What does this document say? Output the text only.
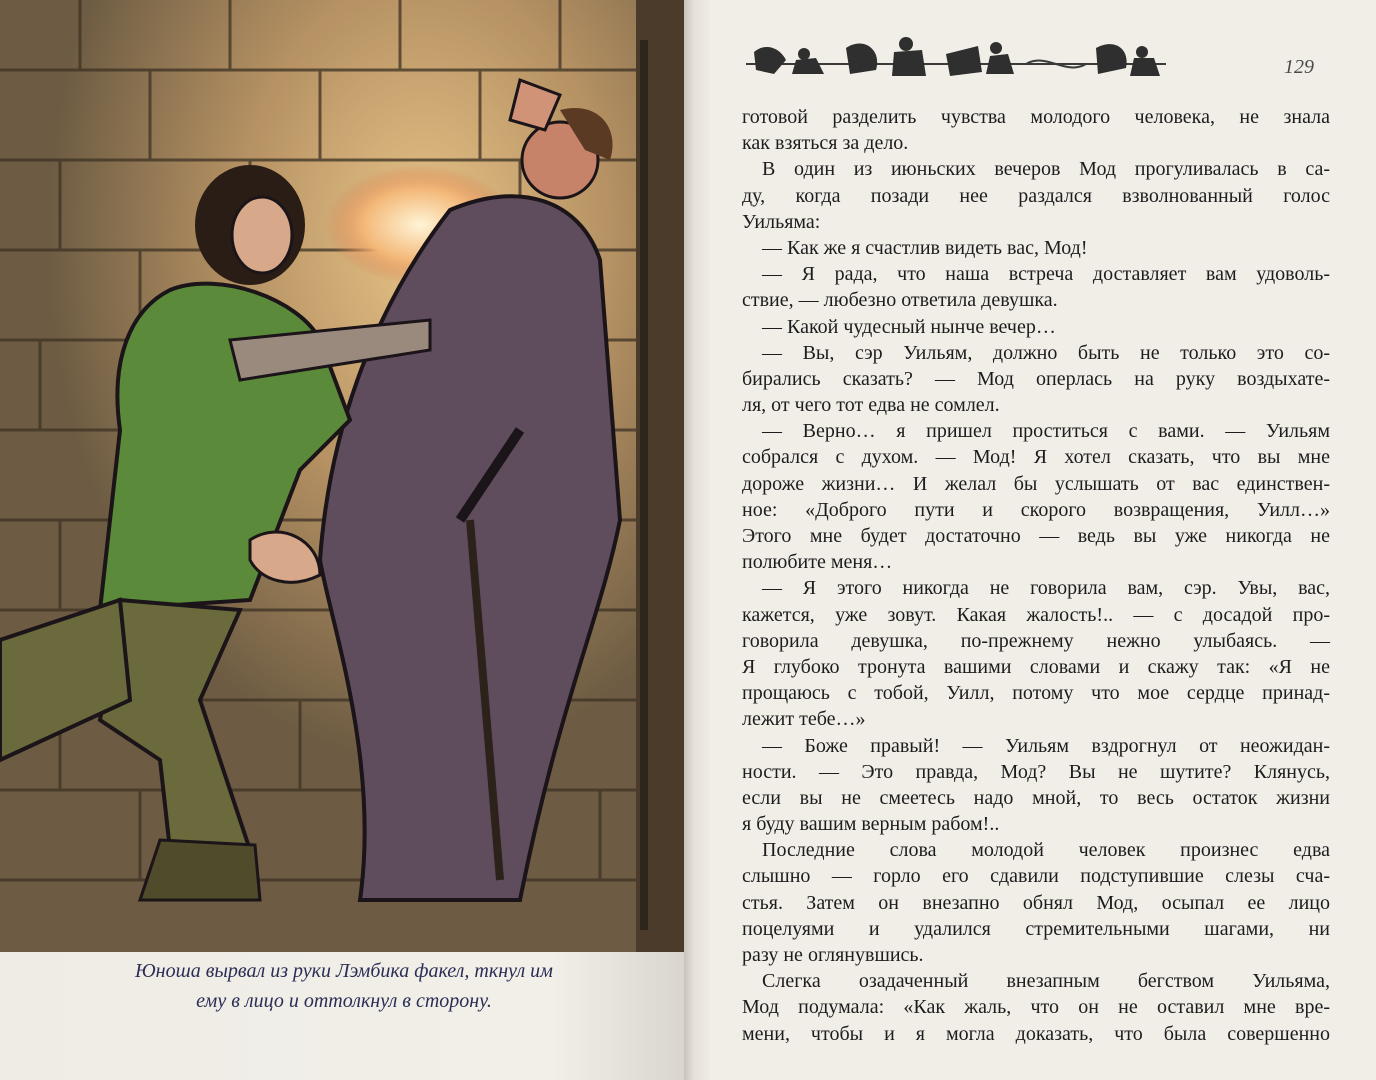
Юноша вырвал из руки Лэмбика факел, ткнул им
ему в лицо и оттолкнул в сторону.
129
готовой разделить чувства молодого человека, не знала
как взяться за дело.
В один из июньских вечеров Мод прогуливалась в са-
ду, когда позади нее раздался взволнованный голос
Уильяма:
— Как же я счастлив видеть вас, Мод!
— Я рада, что наша встреча доставляет вам удоволь-
ствие, — любезно ответила девушка.
— Какой чудесный нынче вечер…
— Вы, сэр Уильям, должно быть не только это со-
бирались сказать? — Мод оперлась на руку воздыхате-
ля, от чего тот едва не сомлел.
— Верно… я пришел проститься с вами. — Уильям
собрался с духом. — Мод! Я хотел сказать, что вы мне
дороже жизни… И желал бы услышать от вас единствен-
ное: «Доброго пути и скорого возвращения, Уилл…»
Этого мне будет достаточно — ведь вы уже никогда не
полюбите меня…
— Я этого никогда не говорила вам, сэр. Увы, вас,
кажется, уже зовут. Какая жалость!.. — с досадой про-
говорила девушка, по-прежнему нежно улыбаясь. —
Я глубоко тронута вашими словами и скажу так: «Я не
прощаюсь с тобой, Уилл, потому что мое сердце принад-
лежит тебе…»
— Боже правый! — Уильям вздрогнул от неожидан-
ности. — Это правда, Мод? Вы не шутите? Клянусь,
если вы не смеетесь надо мной, то весь остаток жизни
я буду вашим верным рабом!..
Последние слова молодой человек произнес едва
слышно — горло его сдавили подступившие слезы сча-
стья. Затем он внезапно обнял Мод, осыпал ее лицо
поцелуями и удалился стремительными шагами, ни
разу не оглянувшись.
Слегка озадаченный внезапным бегством Уильяма,
Мод подумала: «Как жаль, что он не оставил мне вре-
мени, чтобы и я могла доказать, что была совершенно
